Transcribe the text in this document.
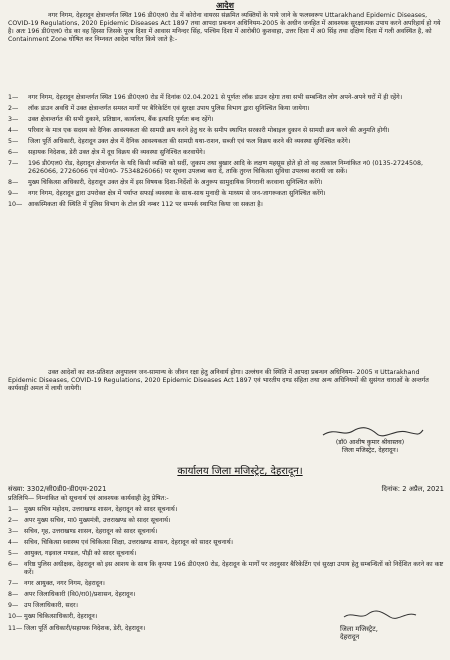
आदेश
नगर निगम, देहरादून क्षेत्रान्तर्गत स्थित 196 डी0एल0 रोड में कोरोना वायरस संक्रमित व्यक्तियों के पाये जाने के फलस्वरूप Uttarakhand Epidemic Diseases, COVID-19 Regulations, 2020 Epidemic Diseases Act 1897 तथा आपदा प्रबन्धन अधिनियम-2005 के अधीन जनहित में आवश्यक सुरक्षात्मक उपाय करने अपरिहार्य हो गये है। अतः 196 डी0एल0 रोड का वह हिस्सा जिसके पूरब दिशा में आवास मनिन्दर सिंह, पश्चिम दिशा में आरोबी0 कुशवाहा, उत्तर दिशा में अ0 सिंह तथा दक्षिण दिशा में गली अवस्थित है, को Containment Zone घोषित कर निम्नवत आदेश पारित किये जाते है:-
1—	नगर निगम, देहरादून क्षेत्रान्तर्गत स्थित 196 डी0एल0 रोड में दिनांक 02.04.2021 से पूर्णतः लॉक डाउन रहेगा तथा सभी सम्बन्धित लोग अपने-अपने घरों में ही रहेंगे।
2—	लॉक डाउन अवधि में उक्त क्षेत्रान्तर्गत समस्त मार्गों पर बैरिकेटिंग एवं सुरक्षा उपाय पुलिस विभाग द्वारा सुनिश्चित किया जायेगा।
3—	उक्त क्षेत्रान्तर्गत की सभी दुकाने, प्रतिष्ठान, कार्यालय, बैंक इत्यादि पूर्णतः बन्द रहेंगे।
4—	परिवार के मात्र एक सदस्य को दैनिक आवश्यकता की सामग्री क्रय करने हेतु घर के समीप स्थापित सरकारी मोबाइल दुकान से सामग्री क्रय करने की अनुमति होगी।
5—	जिला पूर्ति अधिकारी, देहरादून उक्त क्षेत्र में दैनिक आवश्यकता की सामग्री यथा-राशन, सब्जी एवं फल विक्रय करने की व्यवस्था सुनिश्चित करेंगे।
6—	सहायक निदेशक, डेरी उक्त क्षेत्र में दूध विक्रय की व्यवस्था सुनिश्चित करवायेंगे।
7—	196 डी0एल0 रोड, देहरादून क्षेत्रान्तर्गत के यदि किसी व्यक्ति को सर्दी, जुकाम तथा बुखार आदि के लक्षण महसूस होते हो तो वह तत्काल निम्नांकित न0 (0135-2724508, 2626066, 2726066 एवं मो0न0- 7534826066) पर सूचना उपलब्ध करा दें, ताकि तुरन्त चिकित्सा सुविधा उपलब्ध करायी जा सकें।
8—	मुख्य चिकित्सा अधिकारी, देहरादून उक्त क्षेत्र में इस विषयक दिशा-निर्देशों के अनुरूप सामुदायिक निगरानी करवाना सुनिश्चित करेंगे।
9—	नगर निगम, देहरादून द्वारा उपरोक्त क्षेत्र में पर्याप्त सफाई व्यवस्था के साथ-साथ मुनादी के माध्यम से जन-जागरूकता सुनिश्चित करेंगे।
10— आकस्मिकता की स्थिति में पुलिस विभाग के टोल फ्री नम्बर 112 पर सम्पर्क स्थापित किया जा सकता है।
उक्त आदेशों का शत-प्रतिशत अनुपालन जन-सामान्य के जीवन रक्षा हेतु अनिवार्य होगा। उल्लंघन की स्थिति में आपदा प्रबन्धन अधिनियम- 2005 व Uttarakhand Epidemic Diseases, COVID-19 Regulations, 2020 Epidemic Diseases Act 1897 एवं भारतीय दण्ड संहिता तथा अन्य अधिनियमों की सुसंगत धाराओं के अन्तर्गत कार्यवाही अमल में लायी जायेगी।
(डॉ0 आशीष कुमार श्रीवास्तव)
जिला मजिस्ट्रेट, देहरादून।
कार्यालय जिला मजिस्ट्रेट, देहरादून।
संख्या: 3302/सी0डी0-डी0एम-2021	दिनांक: 2 अप्रैल, 2021
प्रतिलिपि— निम्नांकित को सूचनार्थ एवं आवश्यक कार्यवाही हेतु प्रेषित:-
1— मुख्य सचिव महोदय, उत्तराखण्ड शासन, देहरादून को सादर सूचनार्थ।
2— अपर मुख्य सचिव, मा0 मुख्यमंत्री, उत्तराखण्ड को सादर सूचनार्थ।
3— सचिव, गृह, उत्तराखण्ड शासन, देहरादून को सादर सूचनार्थ।
4— सचिव, चिकित्सा स्वास्थ्य एवं चिकित्सा शिक्षा, उत्तराखण्ड शासन, देहरादून को सादर सूचनार्थ।
5— आयुक्त, गढ़वाल मण्डल, पौड़ी को सादर सूचनार्थ।
6— वरिष्ठ पुलिस अधीक्षक, देहरादून को इस आशय के साथ कि कृपया 196 डी0एल0 रोड, देहरादून के मार्गों पर तदनुसार बैरिकेटिंग एवं सुरक्षा उपाय हेतु सम्बन्धितों को निर्देशित करने का कष्ट करें।
7— नगर आयुक्त, नगर निगम, देहरादून।
8— अपर जिलाधिकारी (वि0/रा0)/प्रशासन, देहरादून।
9— उप जिलाधिकारी, सदर।
10— मुख्य चिकित्साधिकारी, देहरादून।
11— जिला पूर्ति अधिकारी/सहायक निदेशक, डेरी, देहरादून।	जिला मजिस्ट्रेट,
देहरादून
